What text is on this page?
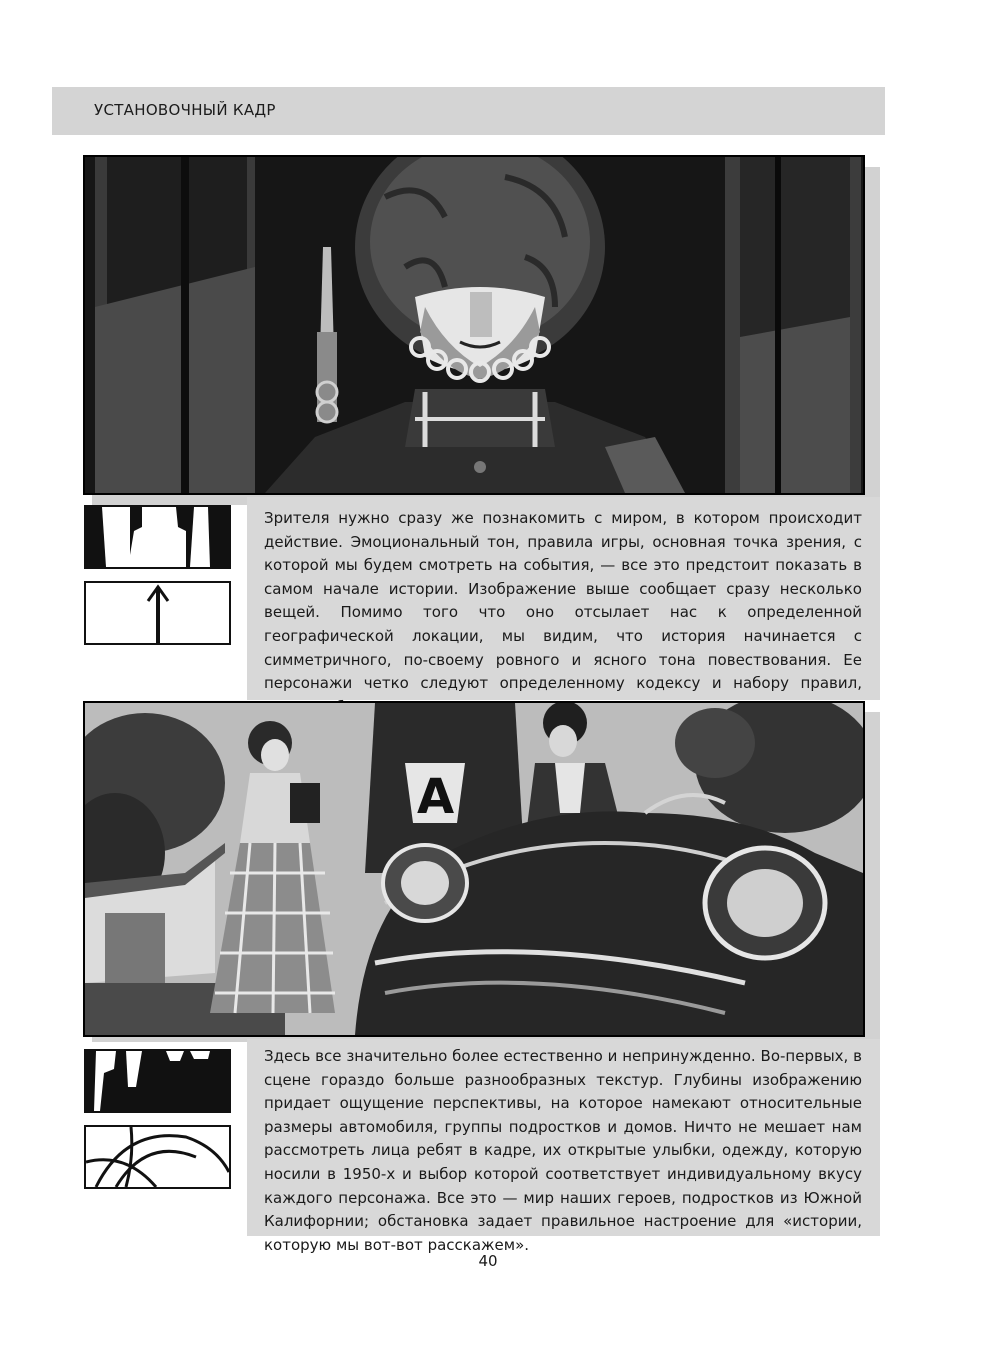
УСТАНОВОЧНЫЙ КАДР
Зрителя нужно сразу же познакомить с миром, в котором происходит действие. Эмоциональный тон, правила игры, основная точка зрения, с которой мы будем смотреть на события, — все это предстоит показать в самом начале истории. Изображение выше сообщает сразу несколько вещей. Помимо того что оно отсылает нас к определенной географической локации, мы видим, что история начинается с симметричного, по-своему ровного и ясного тона повествования. Ее персонажи четко следуют определенному кодексу и набору правил,
A
Здесь все значительно более естественно и непринужденно. Во-первых, в сцене гораздо больше разнообразных текстур. Глубины изображению придает ощущение перспективы, на которое намекают относительные размеры автомобиля, группы подростков и домов. Ничто не мешает нам рассмотреть лица ребят в кадре, их открытые улыбки, одежду, которую носили в 1950-х и выбор которой соответствует индивидуальному вкусу каждого персонажа. Все это — мир наших героев, подростков из Южной Калифорнии; обстановка задает правильное настроение для «истории, которую мы вот-вот расскажем».
40
